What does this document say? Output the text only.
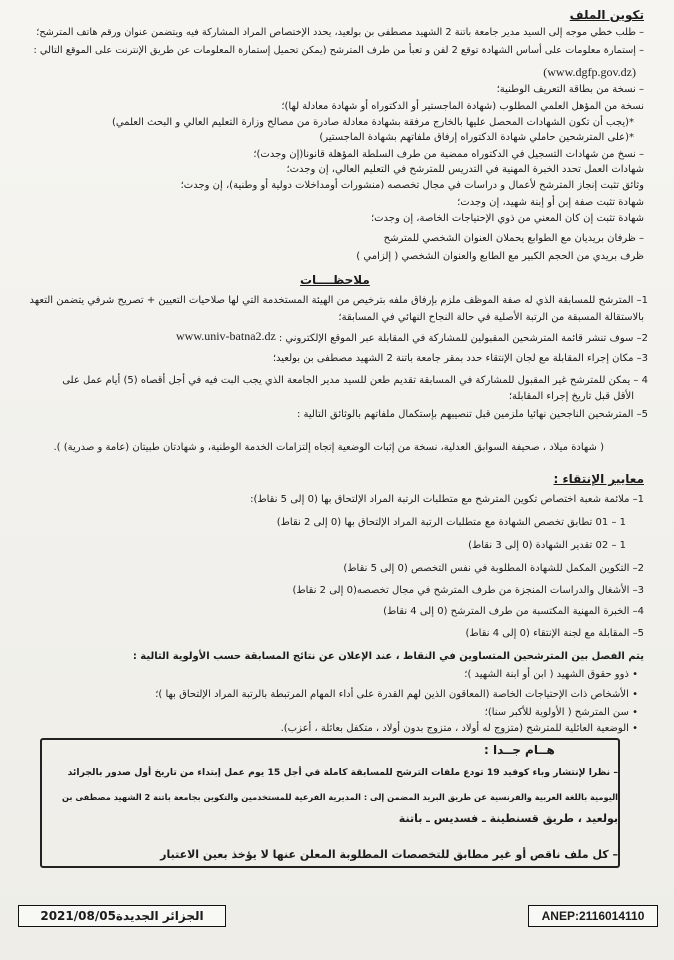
تكوين الملف
– طلب خطي موجه إلى السيد مدير جامعة باتنة 2 الشهيد مصطفى بن بولعيد، يحدد الإختصاص المراد المشاركة فيه ويتضمن عنوان ورقم هاتف المترشح؛
– إستمارة معلومات على أساس الشهادة توقع 2 لفن و تعبأ من طرف المترشح (يمكن تحميل إستمارة المعلومات عن طريق الإنترنت على الموقع التالي :
(www.dgfp.gov.dz)
– نسخة من بطاقة التعريف الوطنية؛
نسخة من المؤهل العلمي المطلوب (شهادة الماجستير أو الدكتوراه أو شهادة معادلة لها)؛
*(يجب أن تكون الشهادات المحصل عليها بالخارج مرفقة بشهادة معادلة صادرة من مصالح وزارة التعليم العالي و البحث العلمي)
*(على المترشحين حاملي شهادة الدكتوراه إرفاق ملفاتهم بشهادة الماجستير)
– نسخ من شهادات التسجيل في الدكتوراه ممضية من طرف السلطة المؤهلة قانونا(إن وجدت)؛
شهادات العمل تحدد الخبرة المهنية في التدريس للمترشح في التعليم العالي، إن وجدت؛
وثائق تثبت إنجاز المترشح لأعمال و دراسات في مجال تخصصه (منشورات أومداخلات دولية أو وطنية)، إن وجدت؛
شهادة تثبت صفة إبن أو إبنة شهيد، إن وجدت؛
شهادة تثبت إن كان المعني من ذوي الإحتياجات الخاصة، إن وجدت؛
– ظرفان بريديان مع الطوابع يحملان العنوان الشخصي للمترشح
ظرف بريدي من الحجم الكبير مع الطابع والعنوان الشخصي ( إلزامي )
ملاحظــــات
1– المترشح للمسابقة الذي له صفة الموظف ملزم بإرفاق ملفه بترخيص من الهيئة المستخدمة التي لها صلاحيات التعيين + تصريح شرفي يتضمن التعهد
بالاستقالة المسبقة من الرتبة الأصلية في حالة النجاح النهائي في المسابقة؛
2– سوف تنشر قائمة المترشحين المقبولين للمشاركة في المقابلة عبر الموقع الإلكتروني :
www.univ-batna2.dz
3– مكان إجراء المقابلة مع لجان الإنتقاء حدد بمقر جامعة باتنة 2 الشهيد مصطفى بن بولعيد؛
4 – يمكن للمترشح غير المقبول للمشاركة في المسابقة تقديم طعن للسيد مدير الجامعة الذي يجب البت فيه في أجل أقصاه (5) أيام عمل على
الأقل قبل تاريخ إجراء المقابلة؛
5– المترشحين الناجحين نهائيا ملزمين قبل تنصيبهم بإستكمال ملفاتهم بالوثائق التالية :
( شهادة ميلاد ، صحيفة السوابق العدلية، نسخة من إثبات الوضعية إتجاه إلتزامات الخدمة الوطنية، و شهادتان طبيتان (عامة و صدرية) ).
معايير الإنتقاء :
1– ملائمة شعبة اختصاص تكوين المترشح مع متطلبات الرتبة المراد الإلتحاق بها (0 إلى 5 نقاط):
1 – 01 تطابق تخصص الشهادة مع متطلبات الرتبة المراد الإلتحاق بها (0 إلى 2 نقاط)
1 – 02 تقدير الشهادة (0 إلى 3 نقاط)
2– التكوين المكمل للشهادة المطلوبة في نفس التخصص (0 إلى 5 نقاط)
3– الأشغال والدراسات المنجزة من طرف المترشح في مجال تخصصه(0 إلى 2 نقاط)
4– الخبرة المهنية المكتسبة من طرف المترشح (0 إلى 4 نقاط)
5– المقابلة مع لجنة الإنتقاء (0 إلى 4 نقاط)
يتم الفصل بين المترشحين المتساوين في النقاط ، عند الإعلان عن نتائج المسابقة حسب الأولوية التالية :
• ذوو حقوق الشهيد ( ابن أو ابنة الشهيد )؛
• الأشخاص ذات الإحتياجات الخاصة (المعاقون الذين لهم القدرة على أداء المهام المرتبطة بالرتبة المراد الإلتحاق بها )؛
• سن المترشح ( الأولوية للأكبر سنا)؛
• الوضعية العائلية للمترشح (متزوج له أولاد ، متزوج بدون أولاد ، متكفل بعائلة ، أعزب).
هــام جــدا :
– نظرا لإنتشار وباء كوفيد 19 تودع ملفات الترشح للمسابقة كاملة في أجل 15 يوم عمل إبتداء من تاريخ أول صدور بالجرائد
اليومية باللغة العربية والفرنسية عن طريق البريد المضمن إلى : المديرية الفرعية للمستخدمين والتكوين بجامعة باتنة 2 الشهيد مصطفى بن
بولعيد ، طريق قسنطينة ـ فسديس ـ باتنة
– كل ملف ناقص أو غير مطابق للتخصصات المطلوبة المعلن عنها لا يؤخذ بعين الاعتبار
الجزائر الجديدة2021/08/05	ANEP:2116014110
